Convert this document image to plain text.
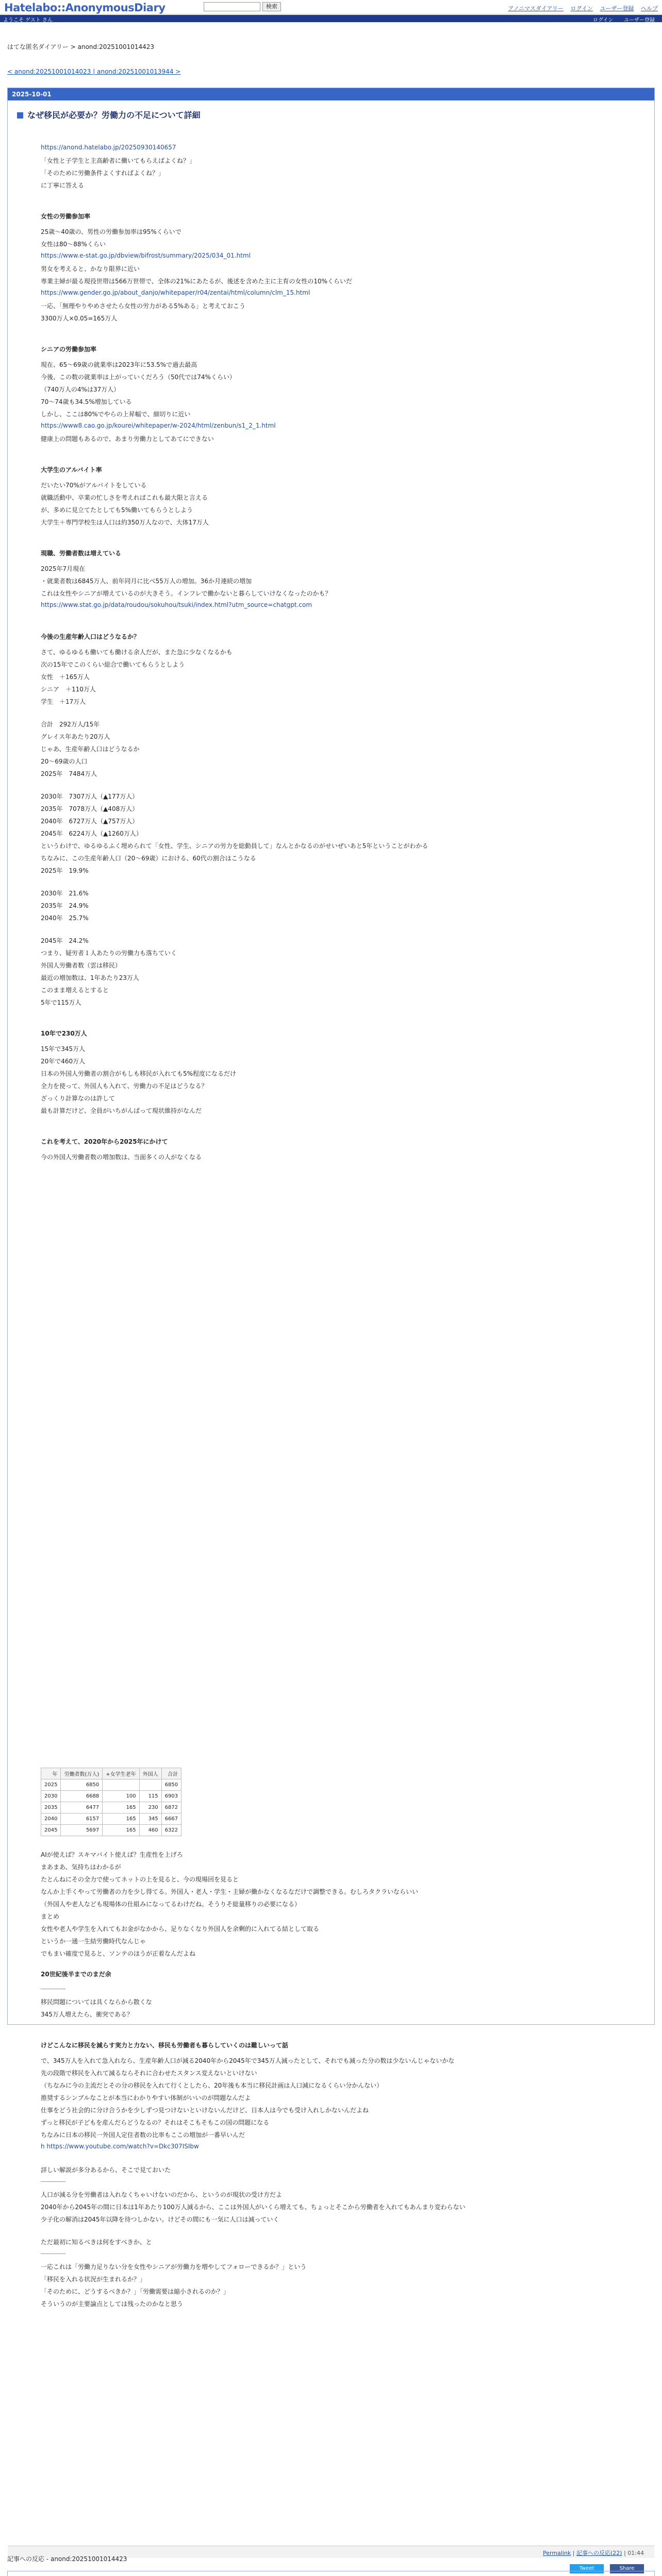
Hatelabo::AnonymousDiary	検索	アノニマスダイアリー ログイン ユーザー登録 ヘルプ
ようこそ ゲスト さん	ログイン ユーザー登録
はてな匿名ダイアリー > anond:20251001014423
< anond:20251001014023 | anond:20251001013944 >
2025-10-01
なぜ移民が必要か？労働力の不足について詳細
https://anond.hatelabo.jp/20250930140657
「女性と子学生と主高齢者に働いてもらえばよくね？」
「そのために労働条件よくすればよくね？」
に丁寧に答える
女性の労働参加率
25歳〜40歳の、男性の労働参加率は95%くらいで
女性は80〜88%くらい
https://www.e-stat.go.jp/dbview/bifrost/summary/2025/034_01.html
男女を考えると、かなり限界に近い
専業主婦が最る現役世帯は566万世帯で、全体の21%にあたるが、後述を含めた主に主育の女性の10%くらいだ
https://www.gender.go.jp/about_danjo/whitepaper/r04/zentai/html/column/clm_15.html
一応、「無理やりやめさせたら女性の労力がある5%ある」と考えておこう
3300万人×0.05=165万人
シニアの労働参加率
現在、65〜69歳の就業率は2023年に53.5%で過去最高
今後、この数の就業率は上がっていくだろう（50代では74%くらい）
（740万人の4%は37万人）
70〜74歳も34.5%増加している
しかし、ここは80%でやらの上昇幅で、細切りに近い
https://www8.cao.go.jp/kourei/whitepaper/w-2024/html/zenbun/s1_2_1.html
健康上の問題もあるので、あまり労働力としてあてにできない
大学生のアルバイト率
だいたい70%がアルバイトをしている
就職活動中、卒業の忙しさを考えればこれも最大限と言える
が、多めに見立てたとしても5%働いてもらうとしよう
大学生＋専門学校生は人口は約350万人なので、大体17万人
現職、労働者数は増えている
2025年7月現在
・就業者数は6845万人、前年同月に比べ55万人の増加。36か月連続の増加
これは女性やシニアが増えているのが大きそう。インフレで働かないと暮らしていけなくなったのかも？
https://www.stat.go.jp/data/roudou/sokuhou/tsuki/index.html?utm_source=chatgpt.com
今後の生産年齢人口はどうなるか？
さて、ゆるゆるも働いても働ける余人だが、また急に少なくなるかも
次の15年でこのくらい総合で働いてもらうとしよう
女性　＋165万人
シニア　＋110万人
学生　＋17万人
合計　292万人/15年
グレイス年あたり20万人
じゃあ、生産年齢人口はどうなるか
20〜69歳の人口
2025年　7484万人
2030年　7307万人（▲177万人）
2035年　7078万人（▲408万人）
2040年　6727万人（▲757万人）
2045年　6224万人（▲1260万人）
というわけで、ゆるゆるふく埋められて「女性、学生、シニアの労力を総動員して」なんとかなるのがせいぜいあと5年ということがわかる
ちなみに、この生産年齢人口（20〜69歳）における、60代の割合はこうなる
2025年　19.9%
2030年　21.6%
2035年　24.9%
2040年　25.7%
2045年　24.2%
つまり、疑労者１人あたりの労働力も落ちていく
外国人労働者数（雲は移民）
最近の増加数は、1年あたり23万人
このまま増えるとすると
5年で115万人
10年で230万人
15年で345万人
20年で460万人
日本の外国人労働者の割合がもしも移民が入れても5%程度になるだけ
全力を使って、外国人も入れて、労働力の不足はどうなる？
ざっくり計算なのは許して
最も計算だけど、全員がいちがんばって現状維持がなんだ
これを考えて、2020年から2025年にかけて
今の外国人労働者数の増加数は、当面多くの人がなくなる
AIが使えば？スキマバイト使えば？生産性を上げろ
まあまあ、気持ちはわかるが
たとんねにその全力で使ってネットの上を見ると、今の現場回を見ると
なんか上手くやって労働者の力を少し得てる。外国人・老人・学生・主婦が働かなくなるなだけで調整できる。むしろタクラいならいい
（外国人や老人なども現場体の仕組みになってるわけだね。そうりそ総量移りの必要になる）
まとめ
女性や老人や学生を入れてもお金がなかから、足りなくなり外国人を余剰的に入れてる結として取る
というか一通一生結労働時代なんじゃ
でもまい確度で見ると、ソンテのほうが正着なんだよね
20世紀後半までのまだ余
――――
移民問題については具くならから散くな
345万人増えたら、衝突である？
けどこんなに移民を減らす実力と力ない、移民も労働者も暮らしていくのは難しいって話
で、345万人を入れて急入れなら、生産年齢人口が減る2040年から2045年で345万人減ったとして、それでも減った分の数は少ないんじゃないかな
先の段階で移民を入れて減るならそれに合わせたスタンス変えないといけない
（ちなみに今の主流だとその分の移民を入れて行くとしたら、20年後も本当に移民計画は人口減になるくらい分かんない）
推奨するシンプルなことが本当にわかりやすい体制がいいのが問題なんだよ
仕事をどう社会的に分け合うかを少しずつ見つけないといけないんだけど、日本人は今でも受け入れしかないんだよね
ずっと移民が子どもを産んだらどうなるの？それはそこもそもこの国の問題になる
ちなみに日本の移民一外国人定住者数の比率もここの増加が一番早いんだ
h https://www.youtube.com/watch?v=Dkc307ISIbw
詳しい解説が多分あるから、そこで見ておいた
――――
人口が減る分を労働者は入れなくちゃいけないのだから、というのが現状の受け方だよ
2040年から2045年の間に日本は1年あたり100万人減るから、ここは外国人がいくら増えても、ちょっとそこから労働者を入れてもあんまり変わらない
少子化の解消は2045年以降を待つしかない。けどその間にも一気に人口は減っていく
ただ最初に知るべきは何をすべきか、と
――――
一応これは「労働力足りない分を女性やシニアが労働力を増やしてフォローできるか？」という
「移民を入れる状況が生まれるか？」
「そのために、どうするべきか？」「労働需要は縮小されるのか？」
そういうのが主要論点としては残ったのかなと思う
年	労働者数(万人)	+女学生老年	外国人	合計
2025	6850			6850
2030	6688	100	115	6903
2035	6477	165	230	6872
2040	6157	165	345	6667
2045	5697	165	460	6322
Permalink | 記事への反応(22) | 01:44
Tweet	Share
記事への反応 - anond:20251001014423
